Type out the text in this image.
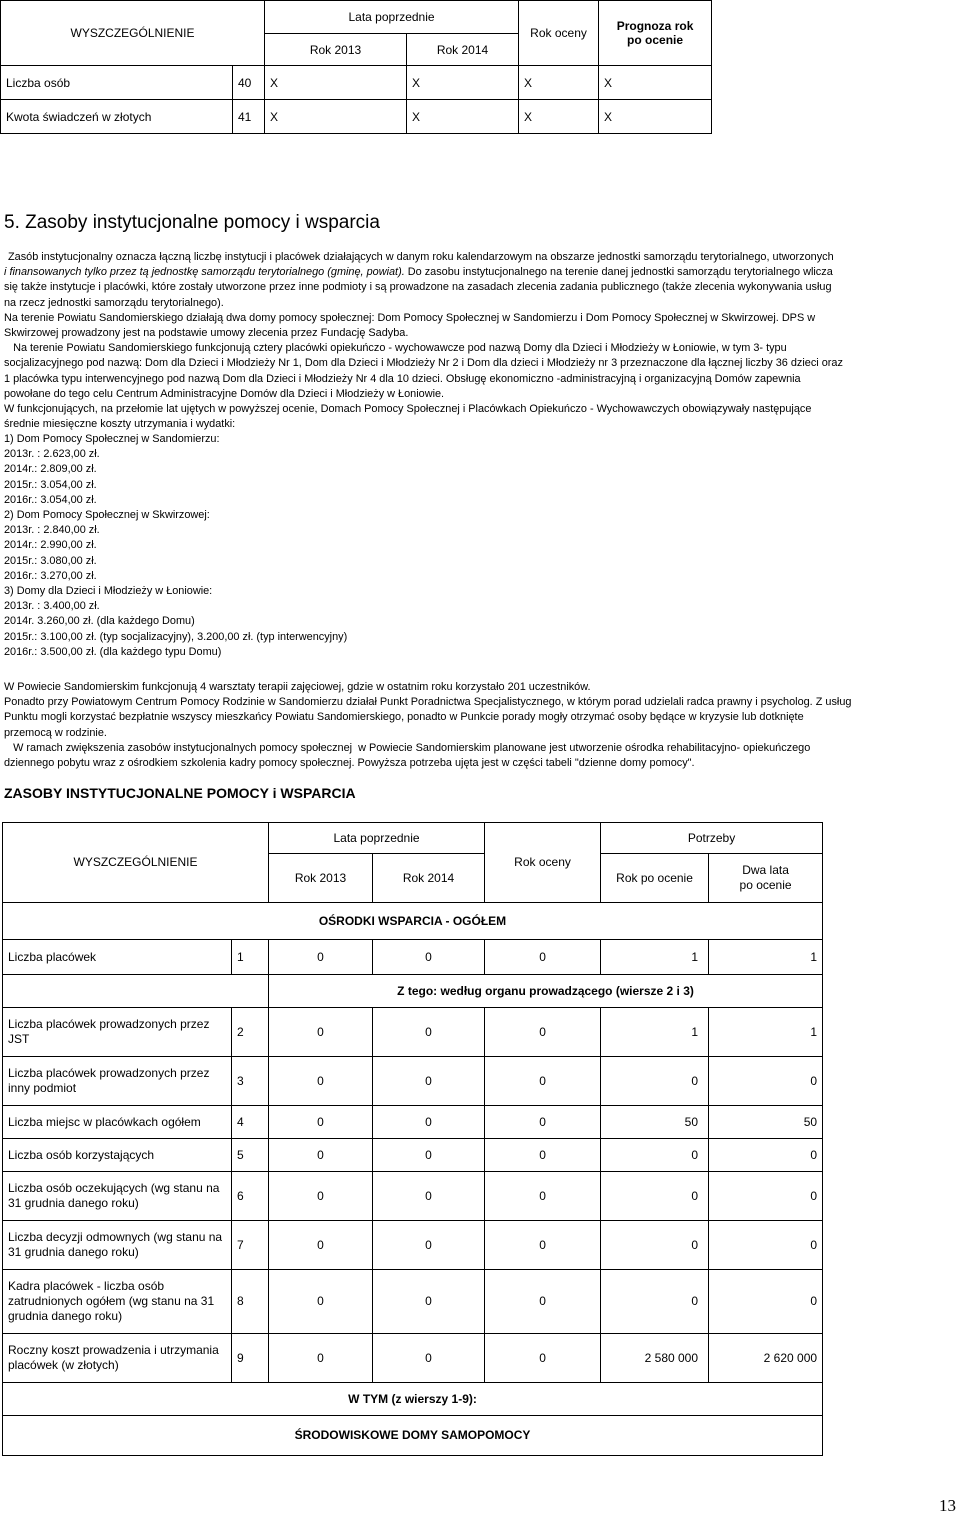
WYSZCZEGÓLNIENIE		Lata poprzednie		Rok oceny	Prognoza rok
po ocenie

		Rok 2013	Rok 2014		
Liczba osób	40	X	X	X	X
Kwota świadczeń w złotych	41	X	X	X	X
5. Zasoby instytucjonalne pomocy i wsparcia
Zasób instytucjonalny oznacza łączną liczbę instytucji i placówek działających w danym roku kalendarzowym na obszarze jednostki samorządu terytorialnego, utworzonych
i finansowanych tylko przez tą jednostkę samorządu terytorialnego (gminę, powiat). Do zasobu instytucjonalnego na terenie danej jednostki samorządu terytorialnego wlicza
się także instytucje i placówki, które zostały utworzone przez inne podmioty i są prowadzone na zasadach zlecenia zadania publicznego (także zlecenia wykonywania usług
na rzecz jednostki samorządu terytorialnego).
Na terenie Powiatu Sandomierskiego działają dwa domy pomocy społecznej: Dom Pomocy Społecznej w Sandomierzu i Dom Pomocy Społecznej w Skwirzowej. DPS w
Skwirzowej prowadzony jest na podstawie umowy zlecenia przez Fundację Sadyba.
Na terenie Powiatu Sandomierskiego funkcjonują cztery placówki opiekuńczo - wychowawcze pod nazwą Domy dla Dzieci i Młodzieży w Łoniowie, w tym 3- typu
socjalizacyjnego pod nazwą: Dom dla Dzieci i Młodzieży Nr 1, Dom dla Dzieci i Młodzieży Nr 2 i Dom dla dzieci i Młodzieży nr 3 przeznaczone dla łącznej liczby 36 dzieci oraz
1 placówka typu interwencyjnego pod nazwą Dom dla Dzieci i Młodzieży Nr 4 dla 10 dzieci. Obsługę ekonomiczno -administracyjną i organizacyjną Domów zapewnia
powołane do tego celu Centrum Administracyjne Domów dla Dzieci i Młodzieży w Łoniowie.
W funkcjonujących, na przełomie lat ujętych w powyższej ocenie, Domach Pomocy Społecznej i Placówkach Opiekuńczo - Wychowawczych obowiązywały następujące
średnie miesięczne koszty utrzymania i wydatki:
1) Dom Pomocy Społecznej w Sandomierzu:
2013r. : 2.623,00 zł.
2014r.: 2.809,00 zł.
2015r.: 3.054,00 zł.
2016r.: 3.054,00 zł.
2) Dom Pomocy Społecznej w Skwirzowej:
2013r. : 2.840,00 zł.
2014r.: 2.990,00 zł.
2015r.: 3.080,00 zł.
2016r.: 3.270,00 zł.
3) Domy dla Dzieci i Młodzieży w Łoniowie:
2013r. : 3.400,00 zł.
2014r. 3.260,00 zł. (dla każdego Domu)
2015r.: 3.100,00 zł. (typ socjalizacyjny), 3.200,00 zł. (typ interwencyjny)
2016r.: 3.500,00 zł. (dla każdego typu Domu)
W Powiecie Sandomierskim funkcjonują 4 warsztaty terapii zajęciowej, gdzie w ostatnim roku korzystało 201 uczestników.
Ponadto przy Powiatowym Centrum Pomocy Rodzinie w Sandomierzu działał Punkt Poradnictwa Specjalistycznego, w którym porad udzielali radca prawny i psycholog. Z usług
Punktu mogli korzystać bezpłatnie wszyscy mieszkańcy Powiatu Sandomierskiego, ponadto w Punkcie porady mogły otrzymać osoby będące w kryzysie lub dotknięte
przemocą w rodzinie.
W ramach zwiększenia zasobów instytucjonalnych pomocy społecznej  w Powiecie Sandomierskim planowane jest utworzenie ośrodka rehabilitacyjno- opiekuńczego
dziennego pobytu wraz z ośrodkiem szkolenia kadry pomocy społecznej. Powyższa potrzeba ujęta jest w części tabeli "dzienne domy pomocy".
ZASOBY INSTYTUCJONALNE POMOCY i WSPARCIA
WYSZCZEGÓLNIENIE		Lata poprzednie		Rok oceny	Potrzeby	
		Rok 2013	Rok 2014		Rok po ocenie	Dwa lata
po ocenie

OŚRODKI WSPARCIA - OGÓŁEM						
Liczba placówek	1	0	0	0	1	1
		Z tego: według organu prowadzącego (wiersze 2 i 3)				
Liczba placówek prowadzonych przez JST	2	0	0	0	1	1
Liczba placówek prowadzonych przez inny podmiot	3	0	0	0	0	0
Liczba miejsc w placówkach ogółem	4	0	0	0	50	50
Liczba osób korzystających	5	0	0	0	0	0
Liczba osób oczekujących (wg stanu na 31 grudnia danego roku)	6	0	0	0	0	0
Liczba decyzji odmownych (wg stanu na 31 grudnia danego roku)	7	0	0	0	0	0
Kadra placówek - liczba osób zatrudnionych ogółem (wg stanu na 31 grudnia danego roku)	8	0	0	0	0	0
Roczny koszt prowadzenia i utrzymania placówek (w złotych)	9	0	0	0	2 580 000	2 620 000
W TYM (z wierszy 1-9):						
ŚRODOWISKOWE DOMY SAMOPOMOCY						
13
